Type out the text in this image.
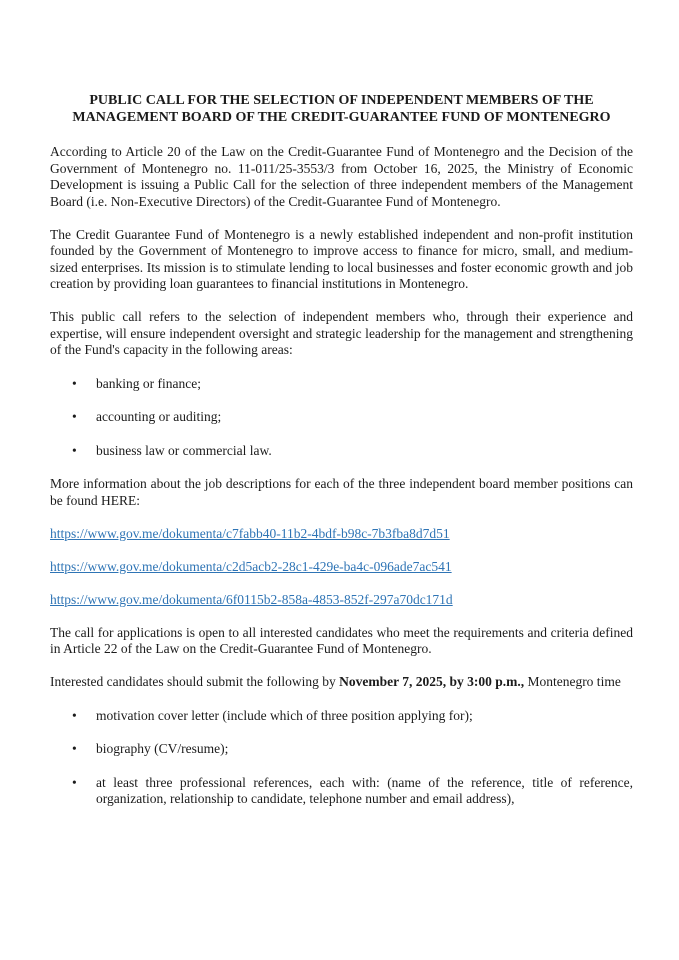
PUBLIC CALL FOR THE SELECTION OF INDEPENDENT MEMBERS OF THE MANAGEMENT BOARD OF THE CREDIT-GUARANTEE FUND OF MONTENEGRO

According to Article 20 of the Law on the Credit-Guarantee Fund of Montenegro and the Decision of the Government of Montenegro no. 11-011/25-3553/3 from October 16, 2025, the Ministry of Economic Development is issuing a Public Call for the selection of three independent members of the Management Board (i.e. Non-Executive Directors) of the Credit-Guarantee Fund of Montenegro.

The Credit Guarantee Fund of Montenegro is a newly established independent and non-profit institution founded by the Government of Montenegro to improve access to finance for micro, small, and medium-sized enterprises. Its mission is to stimulate lending to local businesses and foster economic growth and job creation by providing loan guarantees to financial institutions in Montenegro.

This public call refers to the selection of independent members who, through their experience and expertise, will ensure independent oversight and strategic leadership for the management and strengthening of the Fund's capacity in the following areas:

•	banking or finance;
•	accounting or auditing;
•	business law or commercial law.

More information about the job descriptions for each of the three independent board member positions can be found HERE:

https://www.gov.me/dokumenta/c7fabb40-11b2-4bdf-b98c-7b3fba8d7d51

https://www.gov.me/dokumenta/c2d5acb2-28c1-429e-ba4c-096ade7ac541

https://www.gov.me/dokumenta/6f0115b2-858a-4853-852f-297a70dc171d

The call for applications is open to all interested candidates who meet the requirements and criteria defined in Article 22 of the Law on the Credit-Guarantee Fund of Montenegro.

Interested candidates should submit the following by November 7, 2025, by 3:00 p.m., Montenegro time

•	motivation cover letter (include which of three position applying for);
•	biography (CV/resume);
•	at least three professional references, each with: (name of the reference, title of reference, organization, relationship to candidate, telephone number and email address),
